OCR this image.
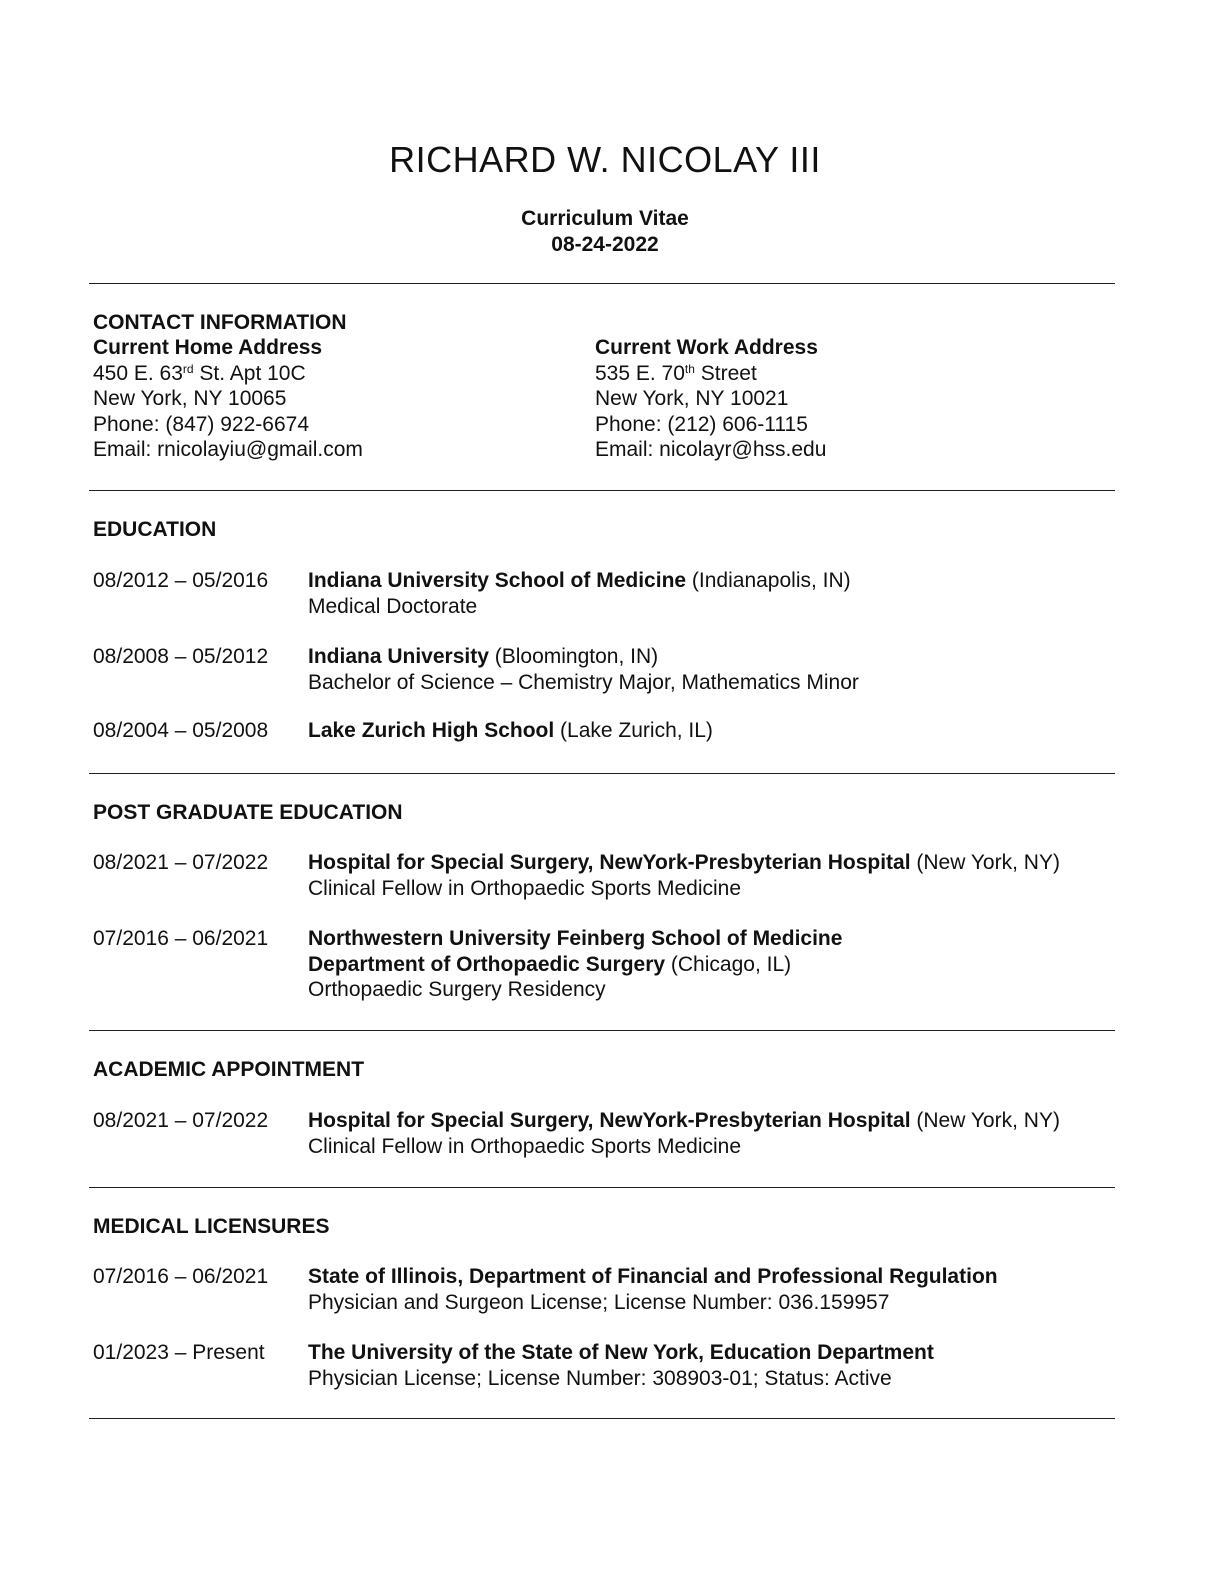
RICHARD W. NICOLAY III
Curriculum Vitae
08-24-2022
CONTACT INFORMATION
Current Home Address
450 E. 63rd St. Apt 10C
New York, NY 10065
Phone: (847) 922-6674
Email: rnicolayiu@gmail.com
Current Work Address
535 E. 70th Street
New York, NY 10021
Phone: (212) 606-1115
Email: nicolayr@hss.edu
EDUCATION
08/2012 – 05/2016 Indiana University School of Medicine (Indianapolis, IN)
Medical Doctorate
08/2008 – 05/2012 Indiana University (Bloomington, IN)
Bachelor of Science – Chemistry Major, Mathematics Minor
08/2004 – 05/2008 Lake Zurich High School (Lake Zurich, IL)
POST GRADUATE EDUCATION
08/2021 – 07/2022 Hospital for Special Surgery, NewYork-Presbyterian Hospital (New York, NY)
Clinical Fellow in Orthopaedic Sports Medicine
07/2016 – 06/2021 Northwestern University Feinberg School of Medicine
Department of Orthopaedic Surgery (Chicago, IL)
Orthopaedic Surgery Residency
ACADEMIC APPOINTMENT
08/2021 – 07/2022 Hospital for Special Surgery, NewYork-Presbyterian Hospital (New York, NY)
Clinical Fellow in Orthopaedic Sports Medicine
MEDICAL LICENSURES
07/2016 – 06/2021 State of Illinois, Department of Financial and Professional Regulation
Physician and Surgeon License; License Number: 036.159957
01/2023 – Present The University of the State of New York, Education Department
Physician License; License Number: 308903-01; Status: Active
